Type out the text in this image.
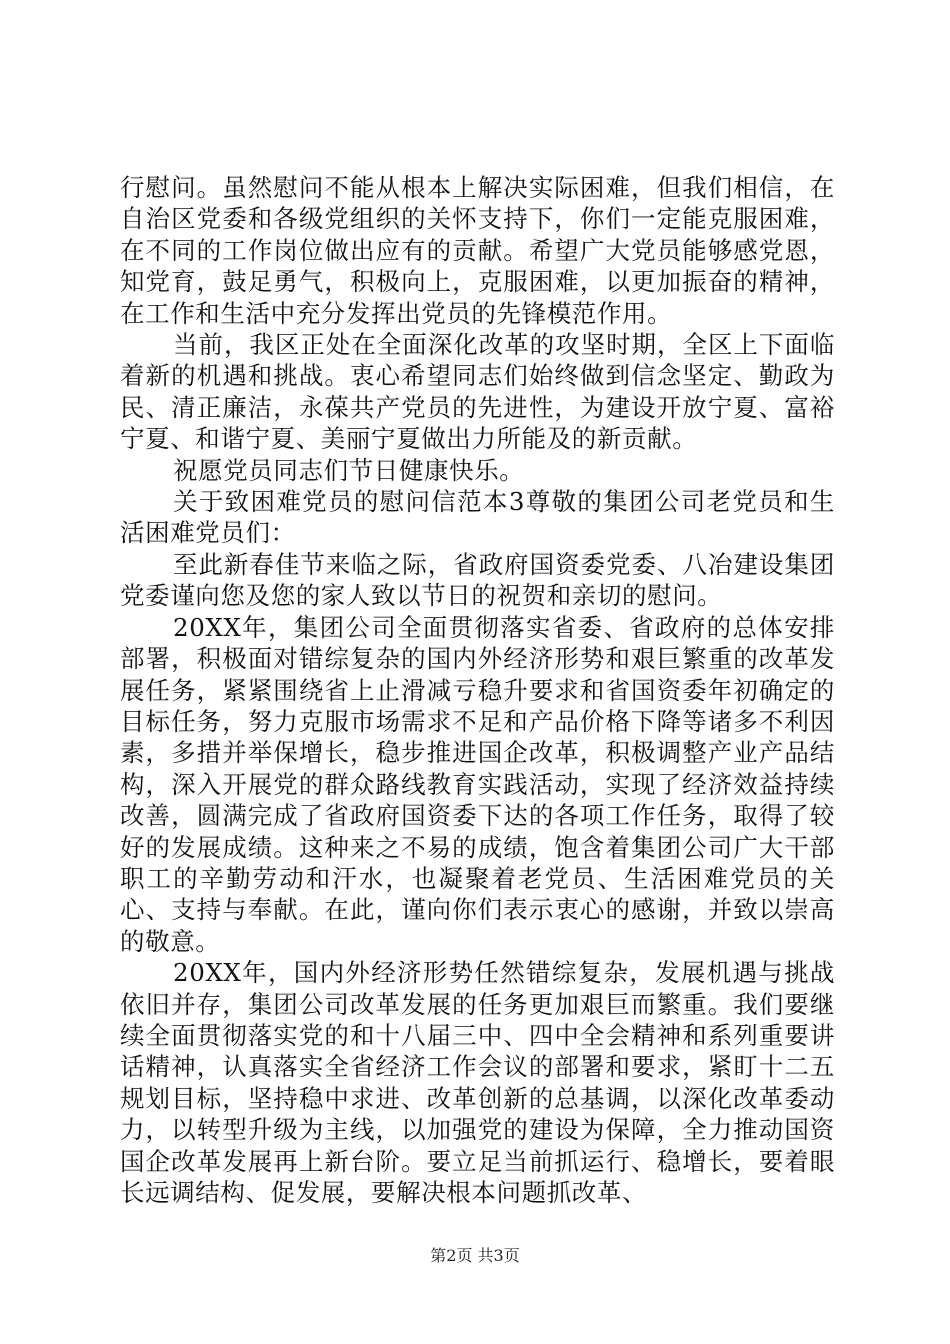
行慰问。虽然慰问不能从根本上解决实际困难，但我们相信，在自治区党委和各级党组织的关怀支持下，你们一定能克服困难，在不同的工作岗位做出应有的贡献。希望广大党员能够感党恩，知党育，鼓足勇气，积极向上，克服困难，以更加振奋的精神，在工作和生活中充分发挥出党员的先锋模范作用。

当前，我区正处在全面深化改革的攻坚时期，全区上下面临着新的机遇和挑战。衷心希望同志们始终做到信念坚定、勤政为民、清正廉洁，永葆共产党员的先进性，为建设开放宁夏、富裕宁夏、和谐宁夏、美丽宁夏做出力所能及的新贡献。

祝愿党员同志们节日健康快乐。

关于致困难党员的慰问信范本3尊敬的集团公司老党员和生活困难党员们：

至此新春佳节来临之际，省政府国资委党委、八冶建设集团党委谨向您及您的家人致以节日的祝贺和亲切的慰问。

20XX年，集团公司全面贯彻落实省委、省政府的总体安排部署，积极面对错综复杂的国内外经济形势和艰巨繁重的改革发展任务，紧紧围绕省上止滑减亏稳升要求和省国资委年初确定的目标任务，努力克服市场需求不足和产品价格下降等诸多不利因素，多措并举保增长，稳步推进国企改革，积极调整产业产品结构，深入开展党的群众路线教育实践活动，实现了经济效益持续改善，圆满完成了省政府国资委下达的各项工作任务，取得了较好的发展成绩。这种来之不易的成绩，饱含着集团公司广大干部职工的辛勤劳动和汗水，也凝聚着老党员、生活困难党员的关心、支持与奉献。在此，谨向你们表示衷心的感谢，并致以崇高的敬意。

20XX年，国内外经济形势任然错综复杂，发展机遇与挑战依旧并存，集团公司改革发展的任务更加艰巨而繁重。我们要继续全面贯彻落实党的和十八届三中、四中全会精神和系列重要讲话精神，认真落实全省经济工作会议的部署和要求，紧盯十二五规划目标，坚持稳中求进、改革创新的总基调，以深化改革委动力，以转型升级为主线，以加强党的建设为保障，全力推动国资国企改革发展再上新台阶。要立足当前抓运行、稳增长，要着眼长远调结构、促发展，要解决根本问题抓改革、

第2页 共3页
